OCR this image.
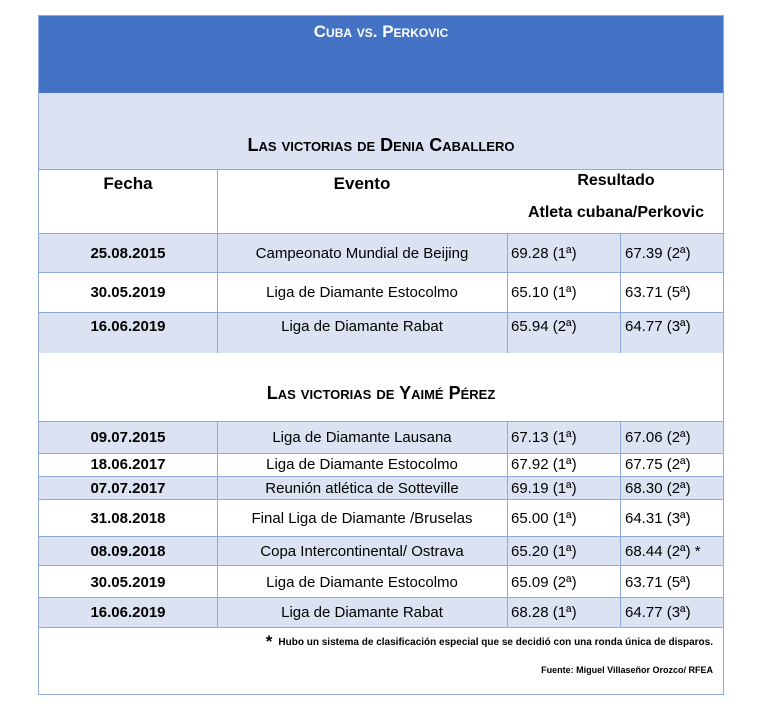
Cuba vs. Perkovic
Las victorias de Denia Caballero
Fecha	Evento	Resultado
Atleta cubana/Perkovic
25.08.2015	Campeonato Mundial de Beijing	69.28 (1ª)	67.39 (2ª)
30.05.2019	Liga de Diamante Estocolmo	65.10 (1ª)	63.71 (5ª)
16.06.2019	Liga de Diamante Rabat	65.94 (2ª)	64.77 (3ª)
Las victorias de Yaimé Pérez
09.07.2015	Liga de Diamante Lausana	67.13 (1ª)	67.06 (2ª)
18.06.2017	Liga de Diamante Estocolmo	67.92 (1ª)	67.75 (2ª)
07.07.2017	Reunión atlética de Sotteville	69.19 (1ª)	68.30 (2ª)
31.08.2018	Final Liga de Diamante /Bruselas	65.00 (1ª)	64.31 (3ª)
08.09.2018	Copa Intercontinental/ Ostrava	65.20 (1ª)	68.44 (2ª) *
30.05.2019	Liga de Diamante Estocolmo	65.09 (2ª)	63.71 (5ª)
16.06.2019	Liga de Diamante Rabat	68.28 (1ª)	64.77 (3ª)
* Hubo un sistema de clasificación especial que se decidió con una ronda única de disparos.
Fuente: Miguel Villaseñor Orozco/ RFEA
